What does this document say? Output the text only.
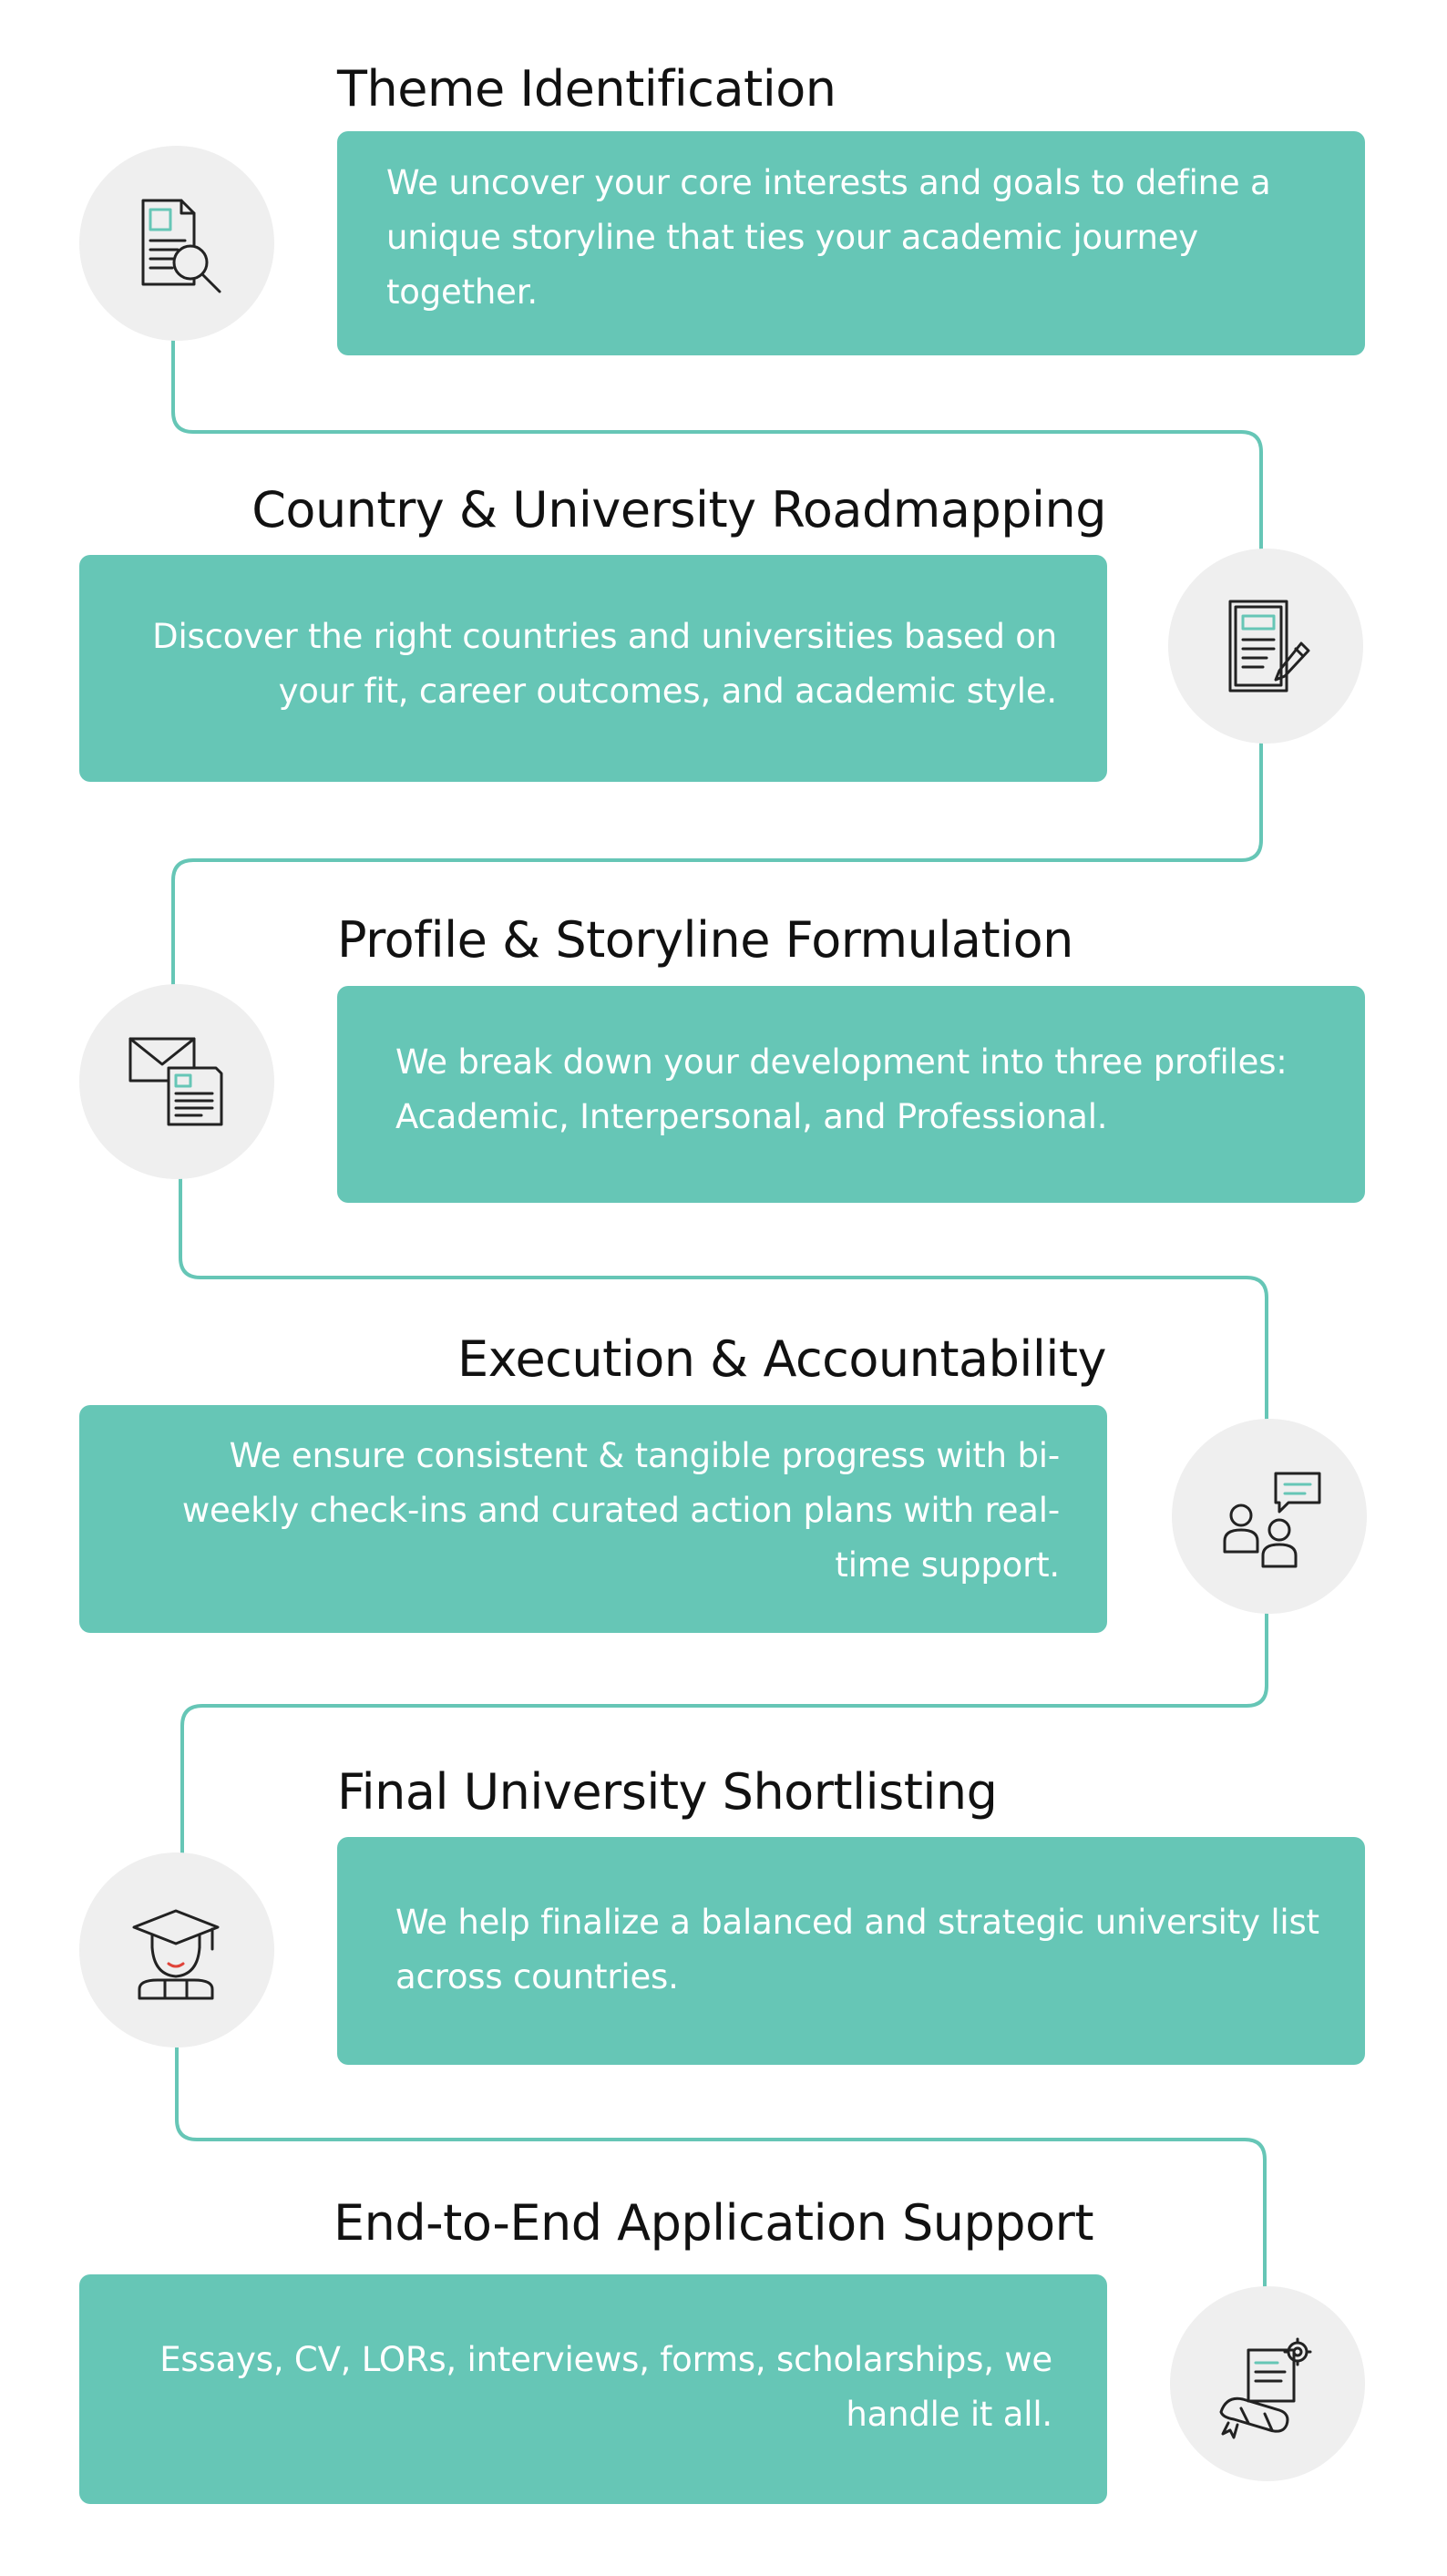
Theme Identification

We uncover your core interests and goals to define a unique storyline that ties your academic journey together.

Country & University Roadmapping

Discover the right countries and universities based on your fit, career outcomes, and academic style.

Profile & Storyline Formulation

We break down your development into three profiles: Academic, Interpersonal, and Professional.

Execution & Accountability

We ensure consistent & tangible progress with bi-weekly check-ins and curated action plans with real-time support.

Final University Shortlisting

We help finalize a balanced and strategic university list across countries.

End-to-End Application Support

Essays, CV, LORs, interviews, forms, scholarships, we handle it all.
